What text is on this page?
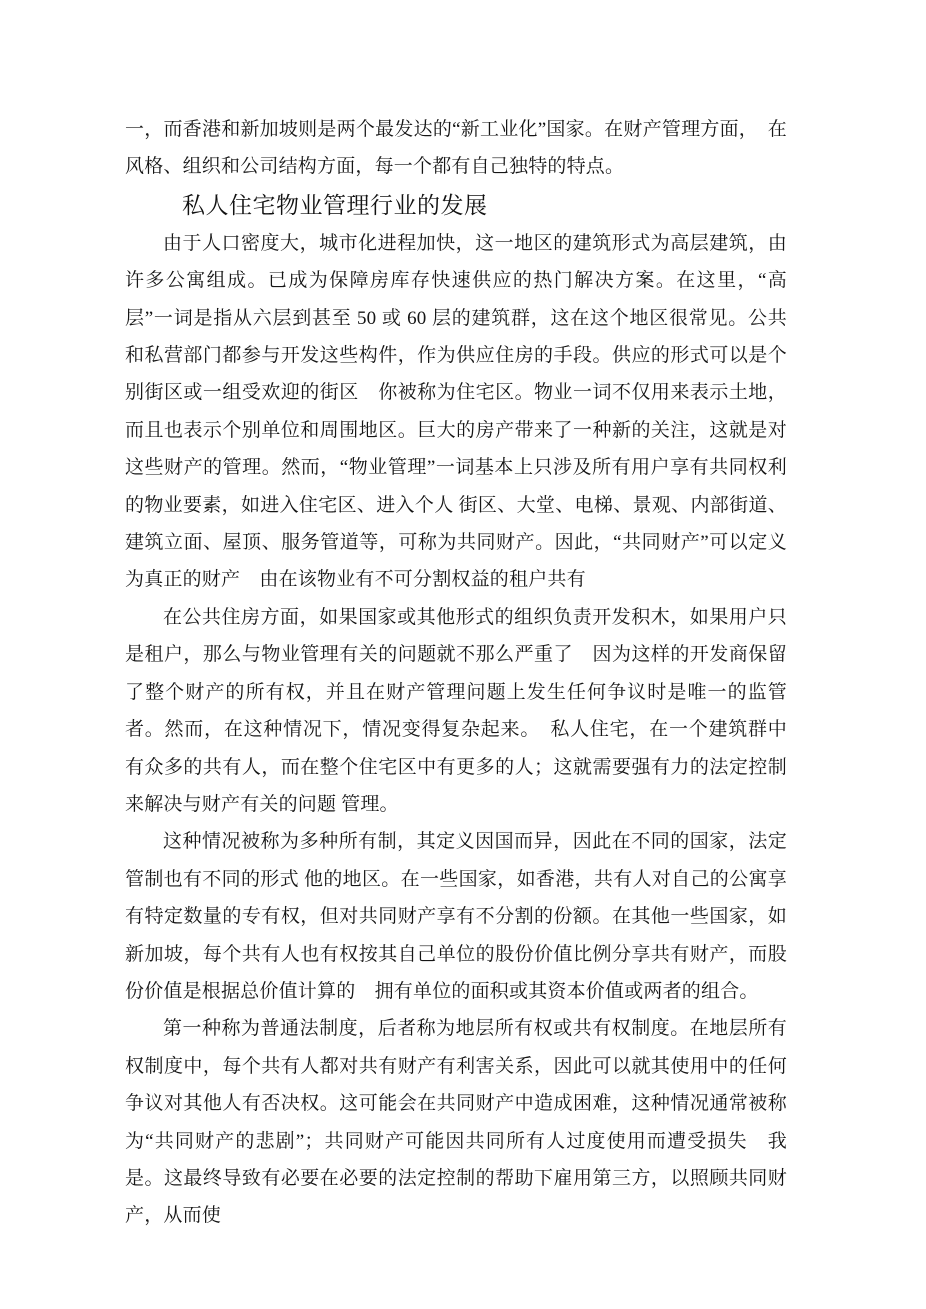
一，而香港和新加坡则是两个最发达的“新工业化”国家。在财产管理方面，　在风格、组织和公司结构方面，每一个都有自己独特的特点。

私人住宅物业管理行业的发展

由于人口密度大，城市化进程加快，这一地区的建筑形式为高层建筑，由许多公寓组成。已成为保障房库存快速供应的热门解决方案。在这里，“高层”一词是指从六层到甚至 50 或 60 层的建筑群，这在这个地区很常见。公共和私营部门都参与开发这些构件，作为供应住房的手段。供应的形式可以是个别街区或一组受欢迎的街区　你被称为住宅区。物业一词不仅用来表示土地，而且也表示个别单位和周围地区。巨大的房产带来了一种新的关注，这就是对这些财产的管理。然而，“物业管理”一词基本上只涉及所有用户享有共同权利的物业要素，如进入住宅区、进入个人 街区、大堂、电梯、景观、内部街道、建筑立面、屋顶、服务管道等，可称为共同财产。因此，“共同财产”可以定义为真正的财产　由在该物业有不可分割权益的租户共有

在公共住房方面，如果国家或其他形式的组织负责开发积木，如果用户只是租户，那么与物业管理有关的问题就不那么严重了　因为这样的开发商保留了整个财产的所有权，并且在财产管理问题上发生任何争议时是唯一的监管者。然而，在这种情况下，情况变得复杂起来。　私人住宅，在一个建筑群中有众多的共有人，而在整个住宅区中有更多的人；这就需要强有力的法定控制来解决与财产有关的问题 管理。

这种情况被称为多种所有制，其定义因国而异，因此在不同的国家，法定管制也有不同的形式 他的地区。在一些国家，如香港，共有人对自己的公寓享有特定数量的专有权，但对共同财产享有不分割的份额。在其他一些国家，如新加坡，每个共有人也有权按其自己单位的股份价值比例分享共有财产，而股份价值是根据总价值计算的　拥有单位的面积或其资本价值或两者的组合。

第一种称为普通法制度，后者称为地层所有权或共有权制度。在地层所有权制度中，每个共有人都对共有财产有利害关系，因此可以就其使用中的任何争议对其他人有否决权。这可能会在共同财产中造成困难，这种情况通常被称为“共同财产的悲剧”；共同财产可能因共同所有人过度使用而遭受损失　我是。这最终导致有必要在必要的法定控制的帮助下雇用第三方，以照顾共同财产，从而使
